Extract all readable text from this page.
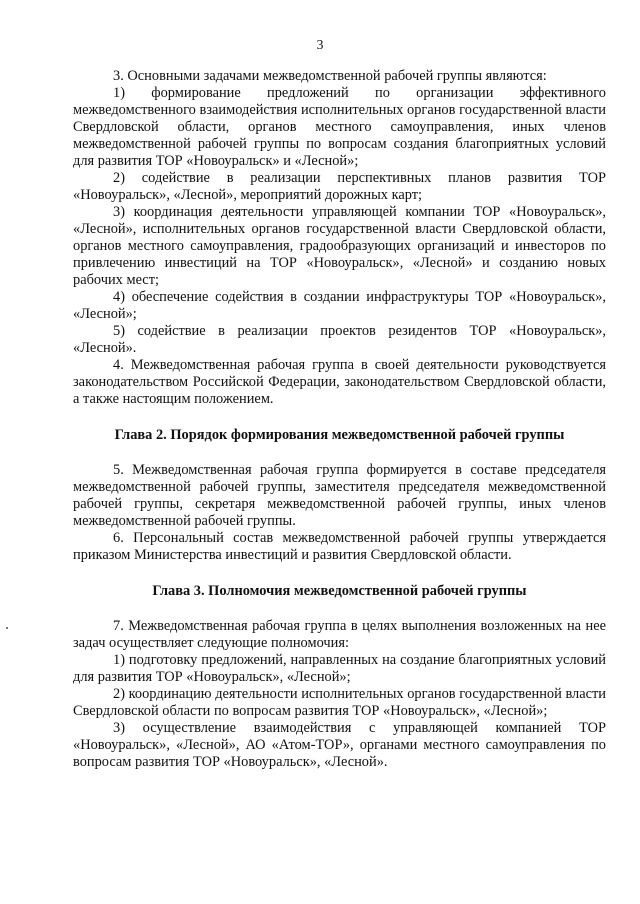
3

3. Основными задачами межведомственной рабочей группы являются:

1) формирование предложений по организации эффективного межведомственного взаимодействия исполнительных органов государственной власти Свердловской области, органов местного самоуправления, иных членов межведомственной рабочей группы по вопросам создания благоприятных условий для развития ТОР «Новоуральск» и «Лесной»;

2) содействие в реализации перспективных планов развития ТОР «Новоуральск», «Лесной», мероприятий дорожных карт;

3) координация деятельности управляющей компании ТОР «Новоуральск», «Лесной», исполнительных органов государственной власти Свердловской области, органов местного самоуправления, градообразующих организаций и инвесторов по привлечению инвестиций на ТОР «Новоуральск», «Лесной» и созданию новых рабочих мест;

4) обеспечение содействия в создании инфраструктуры ТОР «Новоуральск», «Лесной»;

5) содействие в реализации проектов резидентов ТОР «Новоуральск», «Лесной».

4. Межведомственная рабочая группа в своей деятельности руководствуется законодательством Российской Федерации, законодательством Свердловской области, а также настоящим положением.

Глава 2. Порядок формирования межведомственной рабочей группы

5. Межведомственная рабочая группа формируется в составе председателя межведомственной рабочей группы, заместителя председателя межведомственной рабочей группы, секретаря межведомственной рабочей группы, иных членов межведомственной рабочей группы.

6. Персональный состав межведомственной рабочей группы утверждается приказом Министерства инвестиций и развития Свердловской области.

Глава 3. Полномочия межведомственной рабочей группы

7. Межведомственная рабочая группа в целях выполнения возложенных на нее задач осуществляет следующие полномочия:

1) подготовку предложений, направленных на создание благоприятных условий для развития ТОР «Новоуральск», «Лесной»;

2) координацию деятельности исполнительных органов государственной власти Свердловской области по вопросам развития ТОР «Новоуральск», «Лесной»;

3) осуществление взаимодействия с управляющей компанией ТОР «Новоуральск», «Лесной», АО «Атом-ТОР», органами местного самоуправления по вопросам развития ТОР «Новоуральск», «Лесной».
